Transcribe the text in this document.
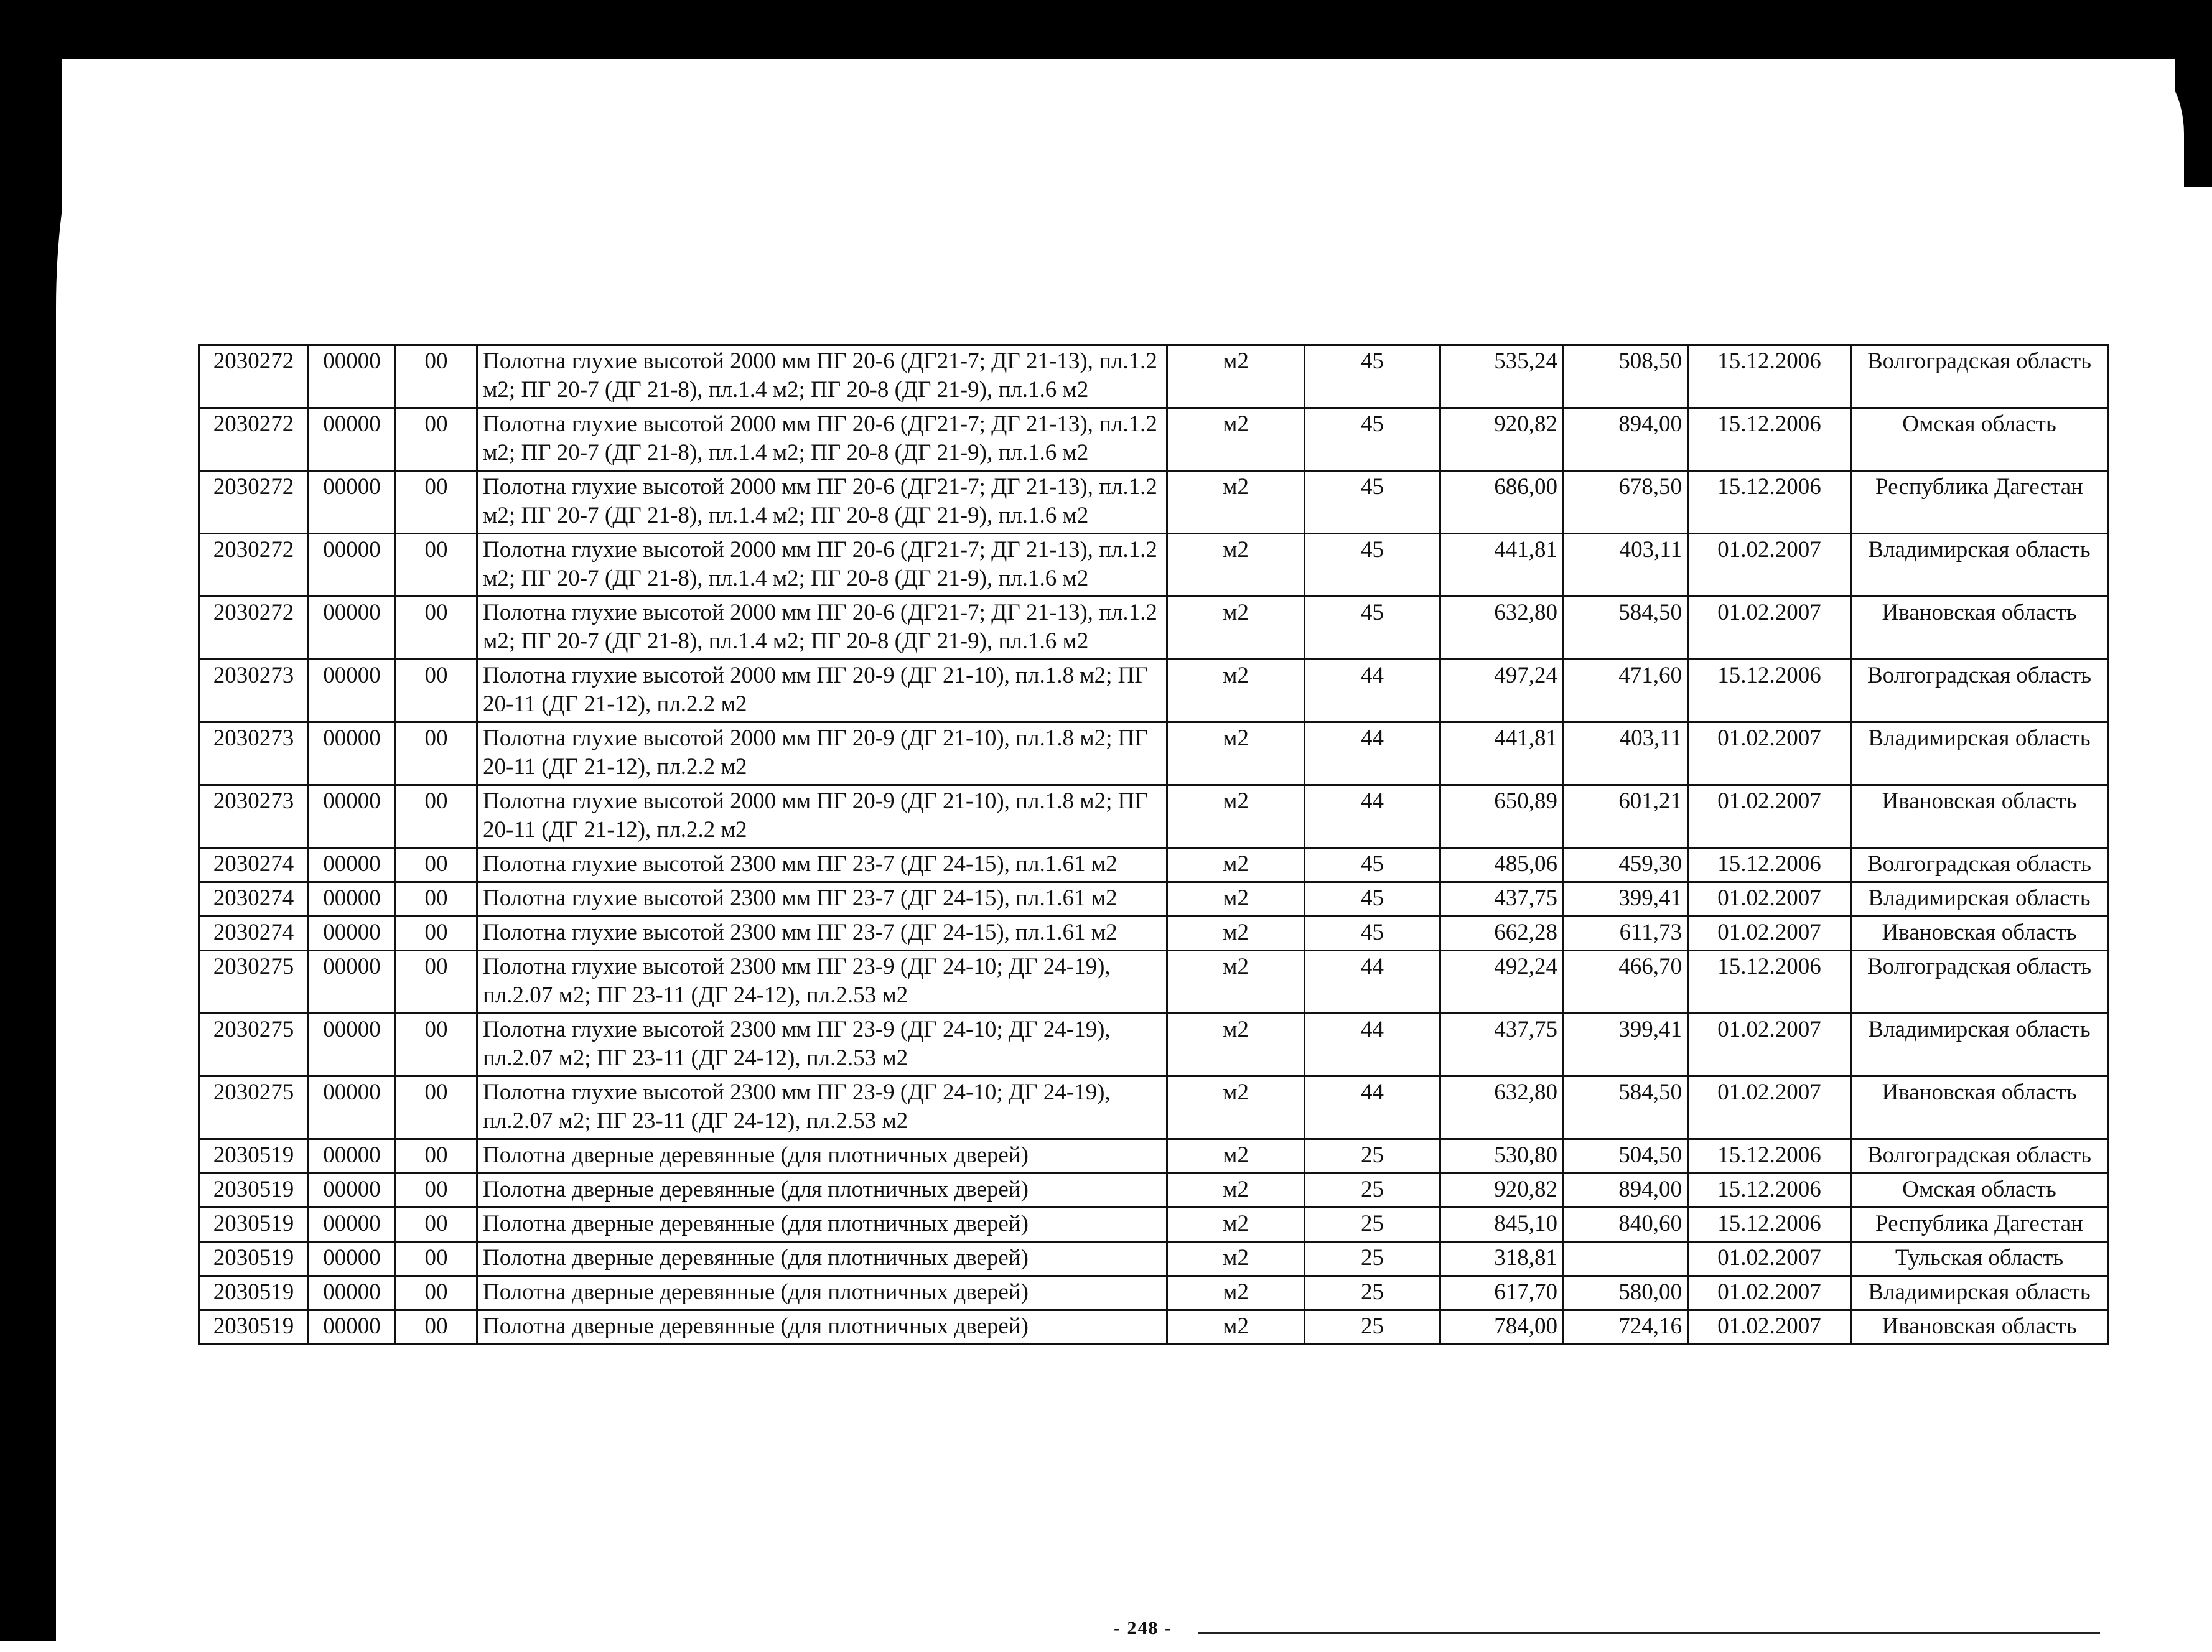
2030272	00000	00	Полотна глухие высотой 2000 мм ПГ 20-6 (ДГ21-7; ДГ 21-13), пл.1.2 м2; ПГ 20-7 (ДГ 21-8), пл.1.4 м2; ПГ 20-8 (ДГ 21-9), пл.1.6 м2	м2	45	535,24	508,50	15.12.2006	Волгоградская область
2030272	00000	00	Полотна глухие высотой 2000 мм ПГ 20-6 (ДГ21-7; ДГ 21-13), пл.1.2 м2; ПГ 20-7 (ДГ 21-8), пл.1.4 м2; ПГ 20-8 (ДГ 21-9), пл.1.6 м2	м2	45	920,82	894,00	15.12.2006	Омская область
2030272	00000	00	Полотна глухие высотой 2000 мм ПГ 20-6 (ДГ21-7; ДГ 21-13), пл.1.2 м2; ПГ 20-7 (ДГ 21-8), пл.1.4 м2; ПГ 20-8 (ДГ 21-9), пл.1.6 м2	м2	45	686,00	678,50	15.12.2006	Республика Дагестан
2030272	00000	00	Полотна глухие высотой 2000 мм ПГ 20-6 (ДГ21-7; ДГ 21-13), пл.1.2 м2; ПГ 20-7 (ДГ 21-8), пл.1.4 м2; ПГ 20-8 (ДГ 21-9), пл.1.6 м2	м2	45	441,81	403,11	01.02.2007	Владимирская область
2030272	00000	00	Полотна глухие высотой 2000 мм ПГ 20-6 (ДГ21-7; ДГ 21-13), пл.1.2 м2; ПГ 20-7 (ДГ 21-8), пл.1.4 м2; ПГ 20-8 (ДГ 21-9), пл.1.6 м2	м2	45	632,80	584,50	01.02.2007	Ивановская область
2030273	00000	00	Полотна глухие высотой 2000 мм ПГ 20-9 (ДГ 21-10), пл.1.8 м2; ПГ 20-11 (ДГ 21-12), пл.2.2 м2	м2	44	497,24	471,60	15.12.2006	Волгоградская область
2030273	00000	00	Полотна глухие высотой 2000 мм ПГ 20-9 (ДГ 21-10), пл.1.8 м2; ПГ 20-11 (ДГ 21-12), пл.2.2 м2	м2	44	441,81	403,11	01.02.2007	Владимирская область
2030273	00000	00	Полотна глухие высотой 2000 мм ПГ 20-9 (ДГ 21-10), пл.1.8 м2; ПГ 20-11 (ДГ 21-12), пл.2.2 м2	м2	44	650,89	601,21	01.02.2007	Ивановская область
2030274	00000	00	Полотна глухие высотой 2300 мм ПГ 23-7 (ДГ 24-15), пл.1.61 м2	м2	45	485,06	459,30	15.12.2006	Волгоградская область
2030274	00000	00	Полотна глухие высотой 2300 мм ПГ 23-7 (ДГ 24-15), пл.1.61 м2	м2	45	437,75	399,41	01.02.2007	Владимирская область
2030274	00000	00	Полотна глухие высотой 2300 мм ПГ 23-7 (ДГ 24-15), пл.1.61 м2	м2	45	662,28	611,73	01.02.2007	Ивановская область
2030275	00000	00	Полотна глухие высотой 2300 мм ПГ 23-9 (ДГ 24-10; ДГ 24-19), пл.2.07 м2; ПГ 23-11 (ДГ 24-12), пл.2.53 м2	м2	44	492,24	466,70	15.12.2006	Волгоградская область
2030275	00000	00	Полотна глухие высотой 2300 мм ПГ 23-9 (ДГ 24-10; ДГ 24-19), пл.2.07 м2; ПГ 23-11 (ДГ 24-12), пл.2.53 м2	м2	44	437,75	399,41	01.02.2007	Владимирская область
2030275	00000	00	Полотна глухие высотой 2300 мм ПГ 23-9 (ДГ 24-10; ДГ 24-19), пл.2.07 м2; ПГ 23-11 (ДГ 24-12), пл.2.53 м2	м2	44	632,80	584,50	01.02.2007	Ивановская область
2030519	00000	00	Полотна дверные деревянные (для плотничных дверей)	м2	25	530,80	504,50	15.12.2006	Волгоградская область
2030519	00000	00	Полотна дверные деревянные (для плотничных дверей)	м2	25	920,82	894,00	15.12.2006	Омская область
2030519	00000	00	Полотна дверные деревянные (для плотничных дверей)	м2	25	845,10	840,60	15.12.2006	Республика Дагестан
2030519	00000	00	Полотна дверные деревянные (для плотничных дверей)	м2	25	318,81		01.02.2007	Тульская область
2030519	00000	00	Полотна дверные деревянные (для плотничных дверей)	м2	25	617,70	580,00	01.02.2007	Владимирская область
2030519	00000	00	Полотна дверные деревянные (для плотничных дверей)	м2	25	784,00	724,16	01.02.2007	Ивановская область
- 248 -
